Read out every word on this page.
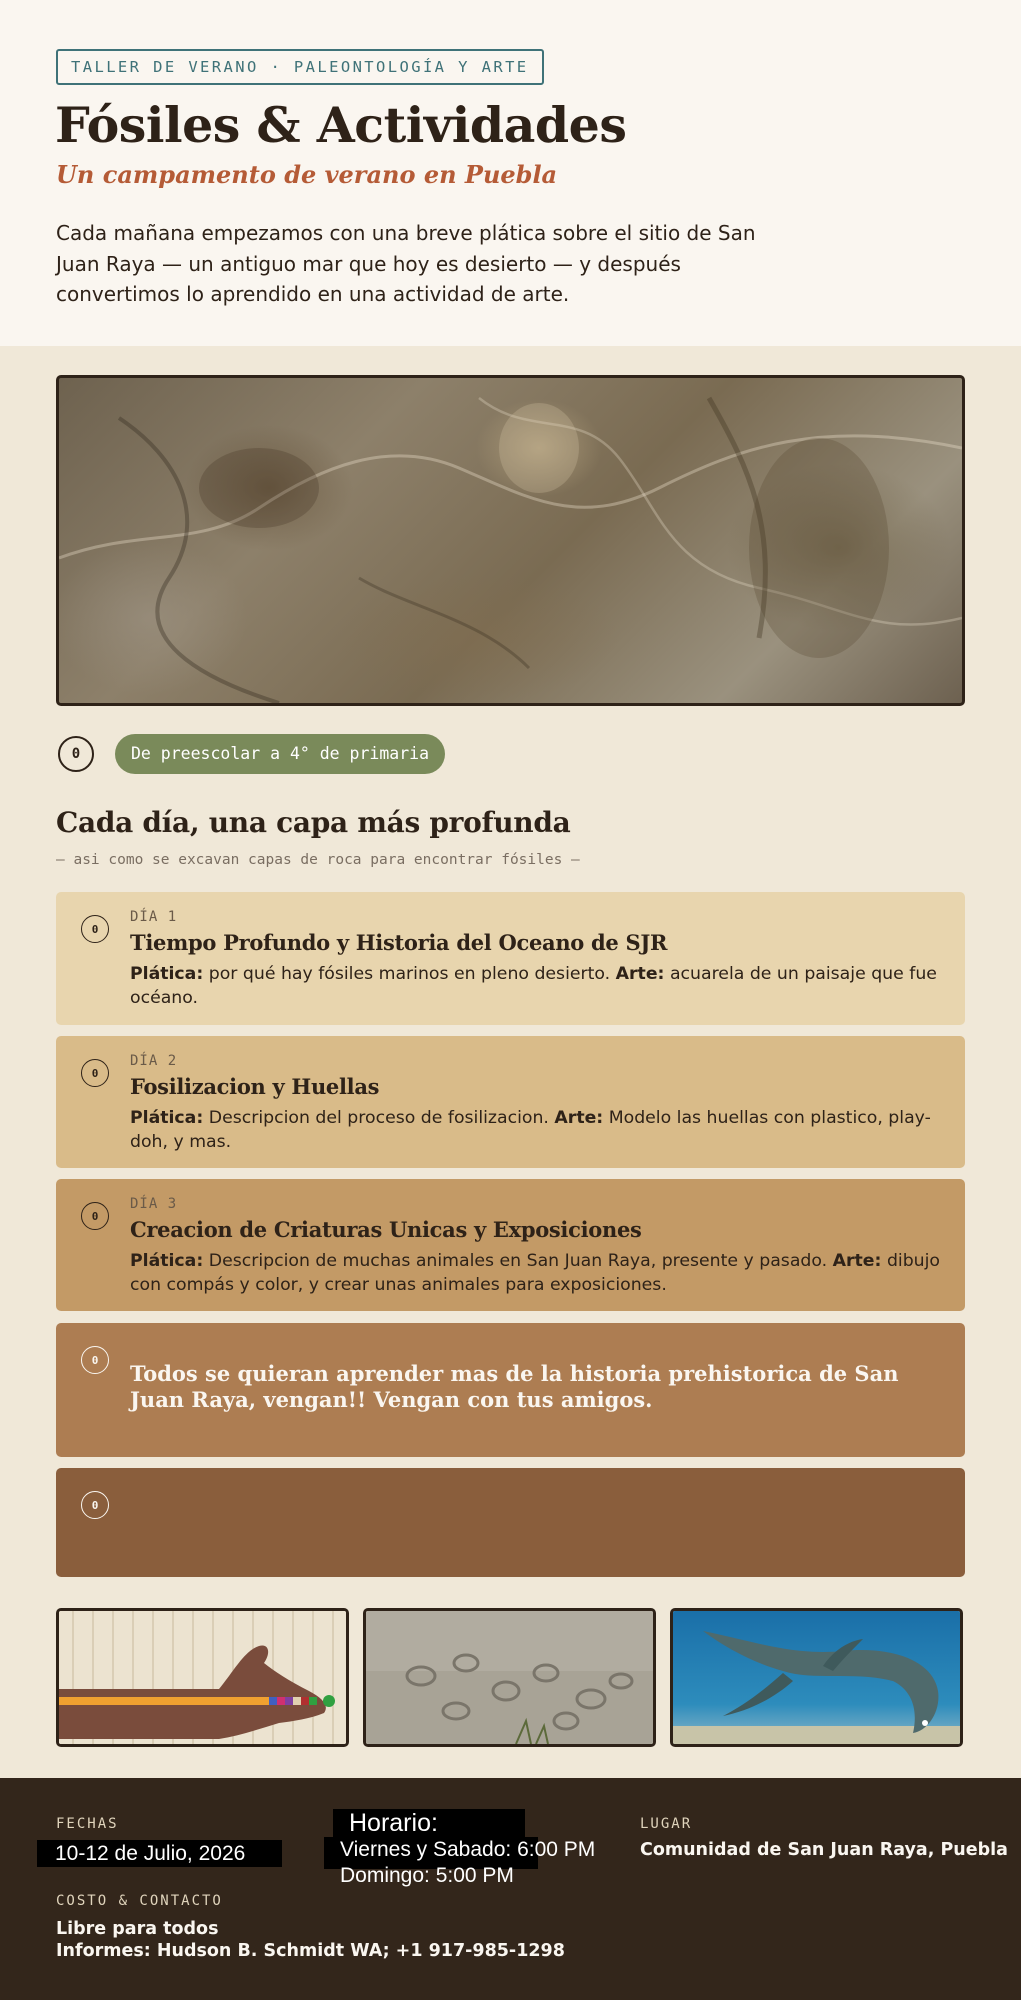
TALLER DE VERANO · PALEONTOLOGÍA Y ARTE
Fósiles & Actividades
Un campamento de verano en Puebla

Cada mañana empezamos con una breve plática sobre el sitio de San Juan Raya — un antiguo mar que hoy es desierto — y después convertimos lo aprendido en una actividad de arte.

0	De preescolar a 4° de primaria
Cada día, una capa más profunda
— asi como se excavan capas de roca para encontrar fósiles —
0
DÍA 1
Tiempo Profundo y Historia del Oceano de SJR
Plática: por qué hay fósiles marinos en pleno desierto. Arte: acuarela de un paisaje que fue océano.
0
DÍA 2
Fosilizacion y Huellas
Plática: Descripcion del proceso de fosilizacion. Arte: Modelo las huellas con plastico, play-doh, y mas.
0
DÍA 3
Creacion de Criaturas Unicas y Exposiciones
Plática: Descripcion de muchas animales en San Juan Raya, presente y pasado. Arte: dibujo con compás y color, y crear unas animales para exposiciones.
0
Todos se quieran aprender mas de la historia prehistorica de San Juan Raya, vengan!! Vengan con tus amigos.
0
FECHAS
10-12 de Julio, 2026
Horario:
Viernes y Sabado: 6:00 PM
Domingo: 5:00 PM
LUGAR
Comunidad de San Juan Raya, Puebla
COSTO & CONTACTO
Libre para todos
Informes: Hudson B. Schmidt WA; +1 917-985-1298
